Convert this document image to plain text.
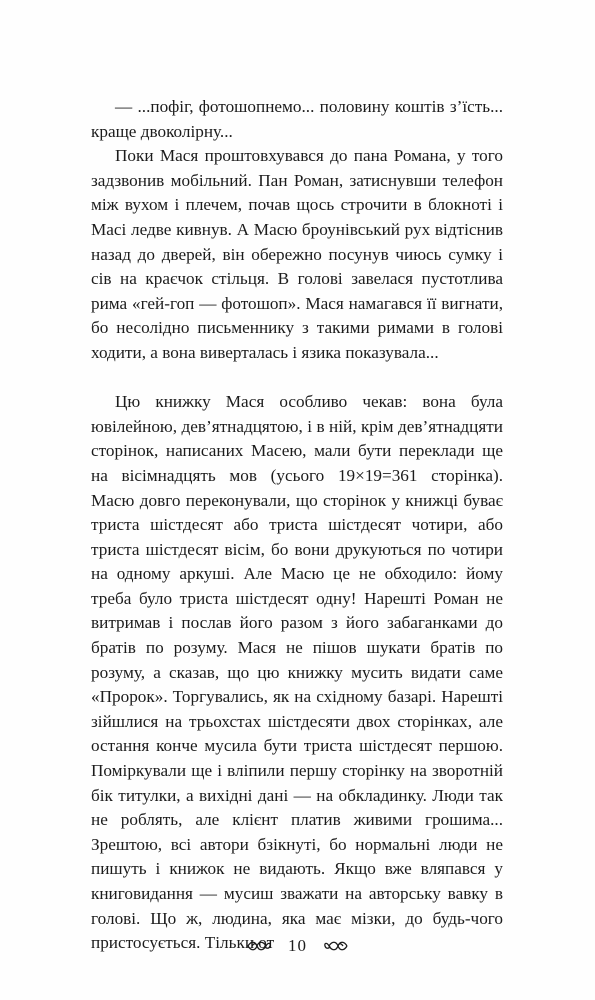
— ...пофіг, фотошопнемо... половину коштів з’їсть... краще двоколірну...

Поки Мася проштовхувався до пана Романа, у того задзвонив мобільний. Пан Роман, затиснувши телефон між вухом і плечем, почав щось строчити в блокноті і Масі ледве кивнув. А Масю броунівський рух відтіснив назад до дверей, він обережно посунув чиюсь сумку і сів на краєчок стільця. В голові завелася пустотлива рима «гей-гоп — фотошоп». Мася намагався її вигнати, бо несолідно письменнику з такими римами в голові ходити, а вона вивертaлась і язика показувала...

Цю книжку Мася особливо чекав: вона була ювілейною, дев’ятнадцятою, і в ній, крім дев’ятнадцяти сторінок, написаних Масею, мали бути переклади ще на вісімнадцять мов (усього 19×19=361 сторінка). Масю довго переконували, що сторінок у книжці буває триста шістдесят або триста шістдесят чотири, або триста шістдесят вісім, бо вони друкуються по чотири на одному аркуші. Але Масю це не обходило: йому треба було триста шістдесят одну! Нарешті Роман не витримав і послав його разом з його забаганками до братів по розуму. Мася не пішов шукати братів по розуму, а сказав, що цю книжку мусить видати саме «Пророк». Торгувались, як на східному базарі. Нарешті зійшлися на трьохстах шістдесяти двох сторінках, але остання конче мусила бути триста шістдесят першою. Поміркували ще і вліпили першу сторінку на зворотній бік титулки, а вихідні дані — на обкладинку. Люди так не роблять, але клієнт платив живими грошима... Зрештою, всі автори бзікнуті, бо нормальні люди не пишуть і книжок не видають. Якщо вже вляпався у книговидання — мусиш зважати на авторську вавку в голові. Що ж, людина, яка має мізки, до будь-чого пристосується. Тільки от 10
